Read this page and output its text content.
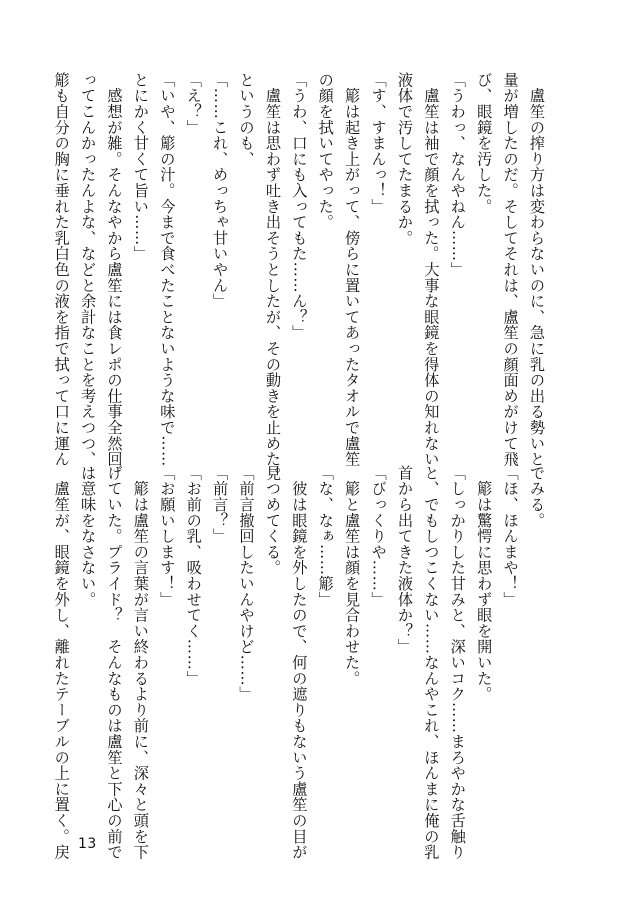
　盧笙の搾り方は変わらないのに、急に乳の出る勢いと
量が増したのだ。そしてそれは、盧笙の顔面めがけて飛
び、眼鏡を汚した。
「うわっ、なんやねん……」
　盧笙は袖で顔を拭った。大事な眼鏡を得体の知れない
液体で汚してたまるか。
「す、すまんっ！」
　簓は起き上がって、傍らに置いてあったタオルで盧笙
の顔を拭いてやった。
「うわ、口にも入ってもた……ん？」
　盧笙は思わず吐き出そうとしたが、その動きを止めた。
というのも、
「……これ、めっちゃ甘いやん」
「え？」
「いや、簓の汁。今まで食べたことないような味で……
とにかく甘くて旨い……」
　感想が雑。そんなやから盧笙には食レポの仕事全然回
ってこんかったんよな、などと余計なことを考えつつ、
簓も自分の胸に垂れた乳白色の液を指で拭って口に運ん
でみる。
「ほ、ほんまや！」
　簓は驚愕に思わず眼を開いた。
「しっかりした甘みと、深いコク……まろやかな舌触り
と、でもしつこくない……なんやこれ、ほんまに俺の乳
首から出てきた液体か？」
「びっくりや……」
　簓と盧笙は顔を見合わせた。
「な、なぁ……簓」
　彼は眼鏡を外したので、何の遮りもないう盧笙の目が
見つめてくる。
「前言撤回したいんやけど……」
「前言？」
「お前の乳、吸わせてく……」
「お願いします！」
　簓は盧笙の言葉が言い終わるより前に、深々と頭を下
げていた。プライド？　そんなものは盧笙と下心の前で
は意味をなさない。
　盧笙が、眼鏡を外し、離れたテーブルの上に置く。戻 13
